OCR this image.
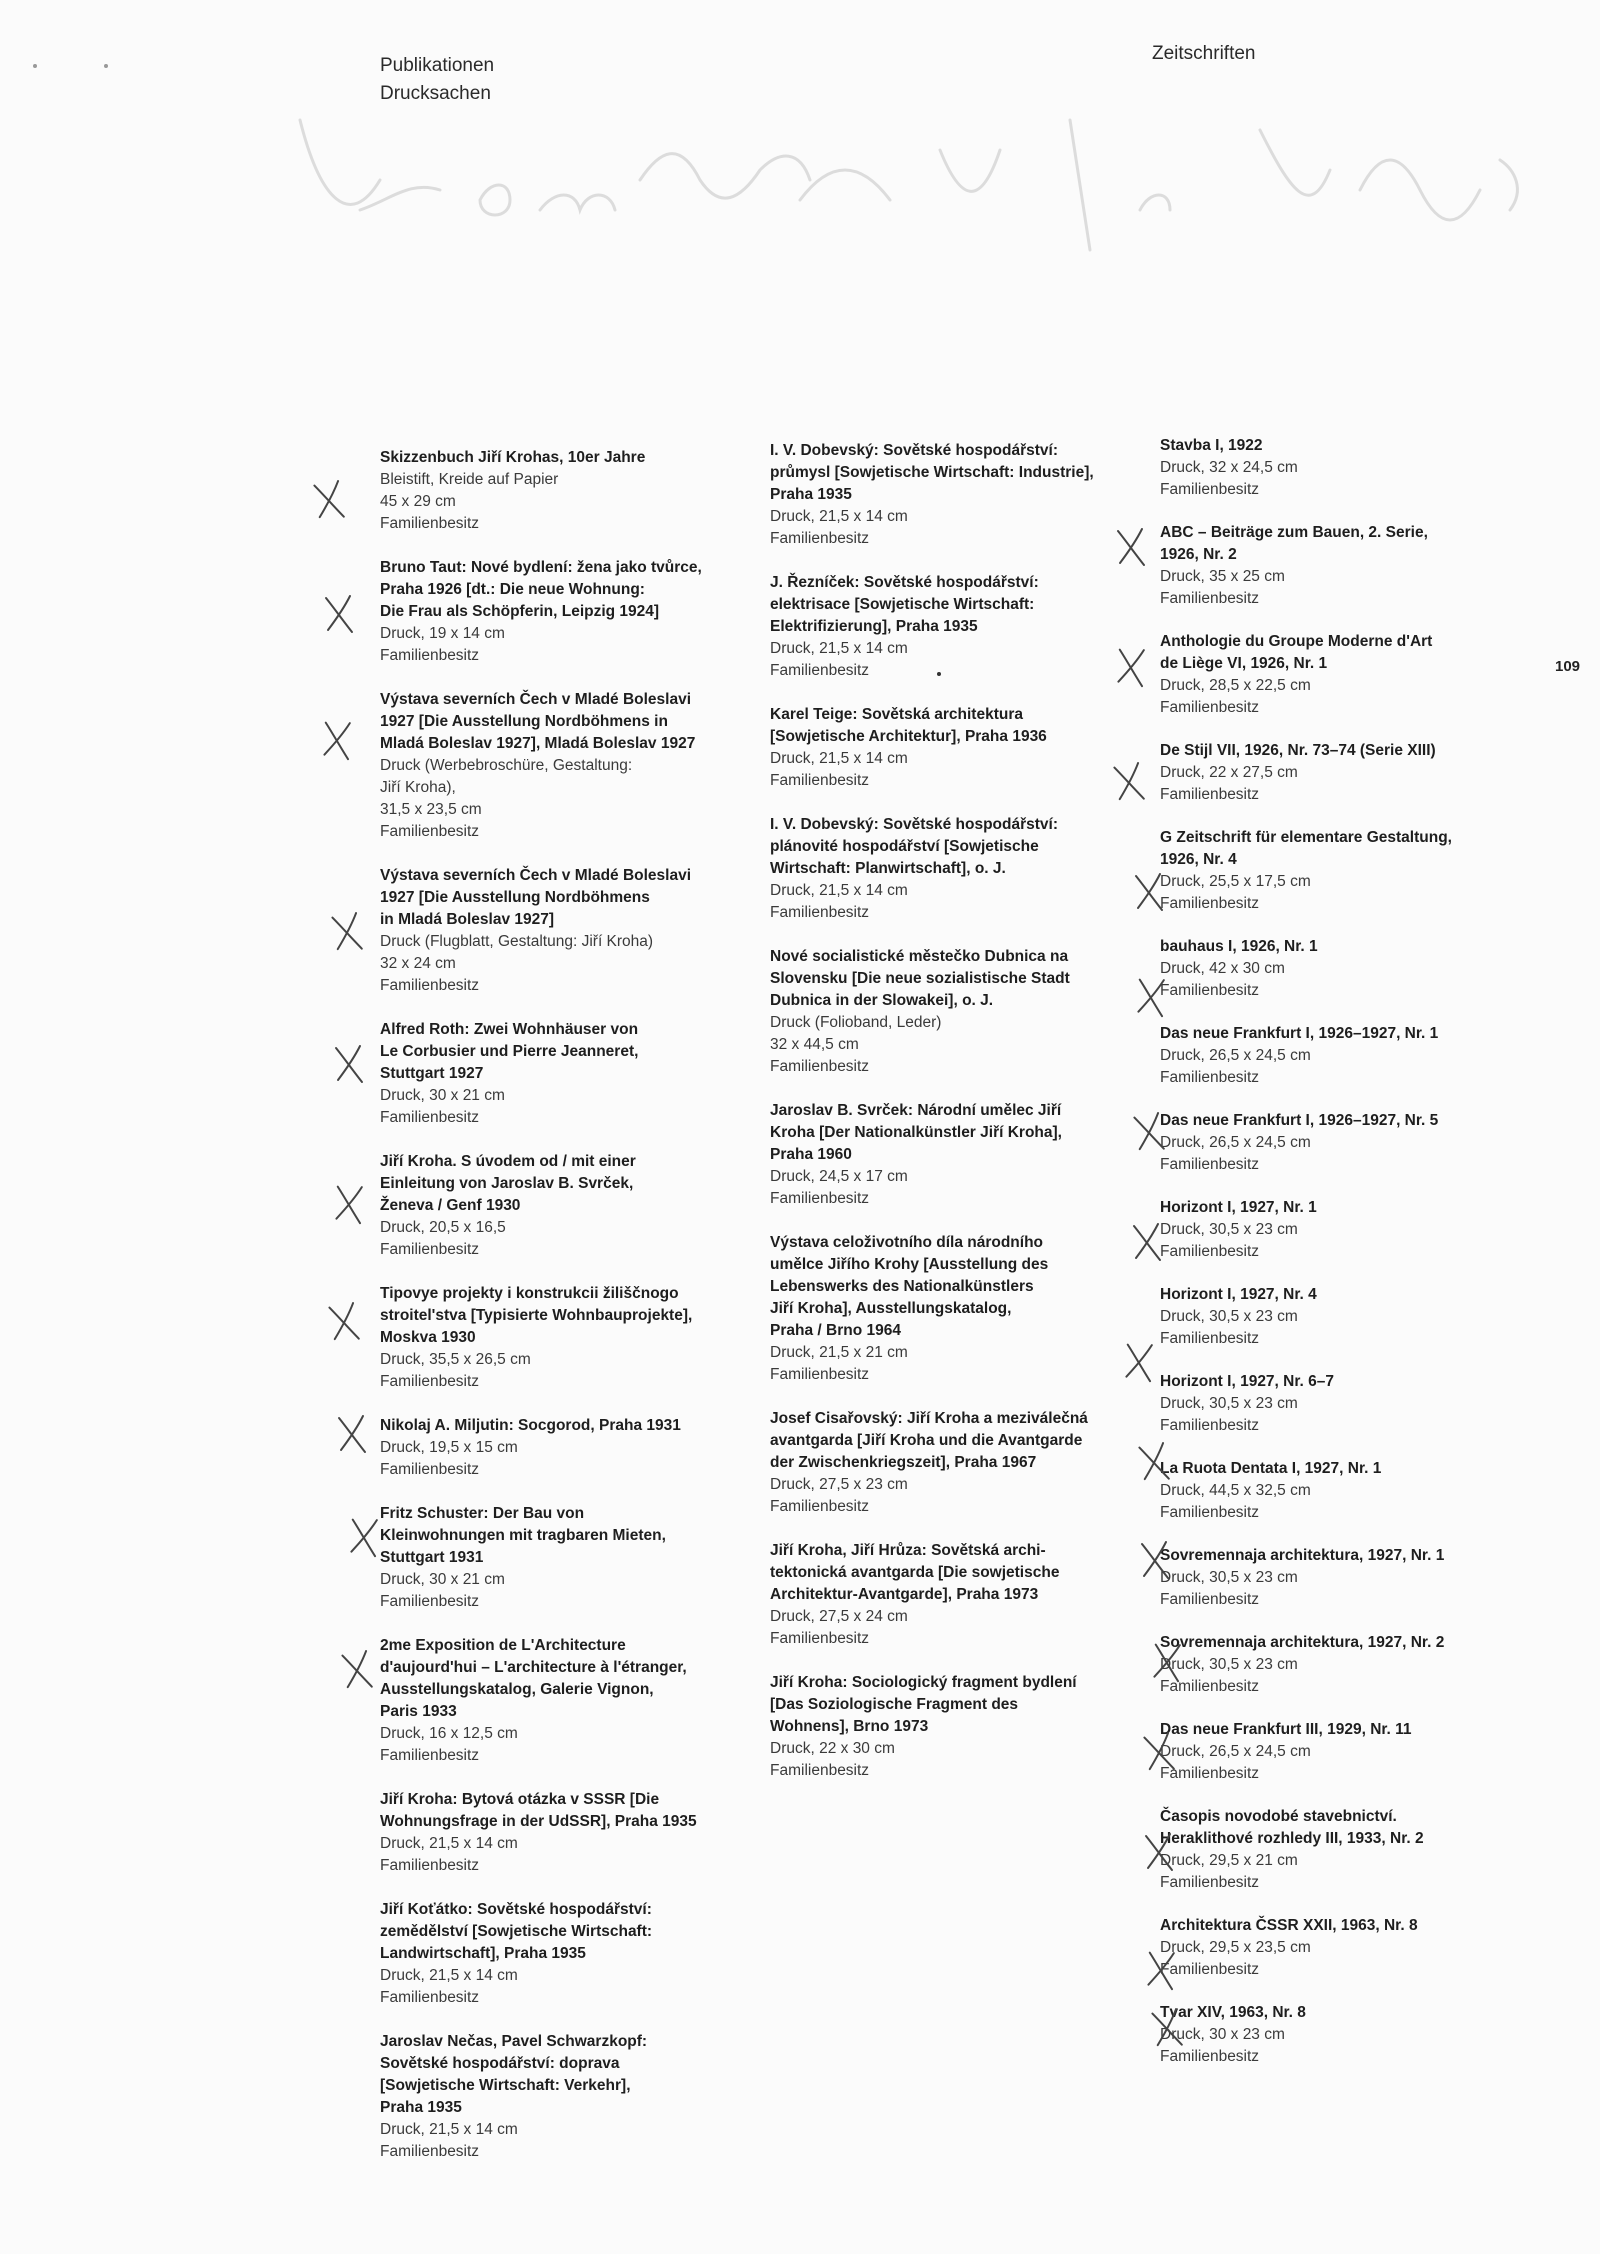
Publikationen
Drucksachen
Zeitschriften
109
Skizzenbuch Jiří Krohas, 10er Jahre
Bleistift, Kreide auf Papier
45 x 29 cm
Familienbesitz
Bruno Taut: Nové bydlení: žena jako tvůrce,
Praha 1926 [dt.: Die neue Wohnung:
Die Frau als Schöpferin, Leipzig 1924]
Druck, 19 x 14 cm
Familienbesitz
Výstava severních Čech v Mladé Boleslavi
1927 [Die Ausstellung Nordböhmens in
Mladá Boleslav 1927], Mladá Boleslav 1927
Druck (Werbebroschüre, Gestaltung:
Jiří Kroha),
31,5 x 23,5 cm
Familienbesitz
Výstava severních Čech v Mladé Boleslavi
1927 [Die Ausstellung Nordböhmens
in Mladá Boleslav 1927]
Druck (Flugblatt, Gestaltung: Jiří Kroha)
32 x 24 cm
Familienbesitz
Alfred Roth: Zwei Wohnhäuser von
Le Corbusier und Pierre Jeanneret,
Stuttgart 1927
Druck, 30 x 21 cm
Familienbesitz
Jiří Kroha. S úvodem od / mit einer
Einleitung von Jaroslav B. Svrček,
Ženeva / Genf 1930
Druck, 20,5 x 16,5
Familienbesitz
Tipovye projekty i konstrukcii žiliščnogo
stroitel'stva [Typisierte Wohnbauprojekte],
Moskva 1930
Druck, 35,5 x 26,5 cm
Familienbesitz
Nikolaj A. Miljutin: Socgorod, Praha 1931
Druck, 19,5 x 15 cm
Familienbesitz
Fritz Schuster: Der Bau von
Kleinwohnungen mit tragbaren Mieten,
Stuttgart 1931
Druck, 30 x 21 cm
Familienbesitz
2me Exposition de L'Architecture
d'aujourd'hui – L'architecture à l'étranger,
Ausstellungskatalog, Galerie Vignon,
Paris 1933
Druck, 16 x 12,5 cm
Familienbesitz
Jiří Kroha: Bytová otázka v SSSR [Die
Wohnungsfrage in der UdSSR], Praha 1935
Druck, 21,5 x 14 cm
Familienbesitz
Jiří Koťátko: Sovětské hospodářství:
zemědělství [Sowjetische Wirtschaft:
Landwirtschaft], Praha 1935
Druck, 21,5 x 14 cm
Familienbesitz
Jaroslav Nečas, Pavel Schwarzkopf:
Sovětské hospodářství: doprava
[Sowjetische Wirtschaft: Verkehr],
Praha 1935
Druck, 21,5 x 14 cm
Familienbesitz
I. V. Dobevský: Sovětské hospodářství:
průmysl [Sowjetische Wirtschaft: Industrie],
Praha 1935
Druck, 21,5 x 14 cm
Familienbesitz
J. Řezníček: Sovětské hospodářství:
elektrisace [Sowjetische Wirtschaft:
Elektrifizierung], Praha 1935
Druck, 21,5 x 14 cm
Familienbesitz
Karel Teige: Sovětská architektura
[Sowjetische Architektur], Praha 1936
Druck, 21,5 x 14 cm
Familienbesitz
I. V. Dobevský: Sovětské hospodářství:
plánovité hospodářství [Sowjetische
Wirtschaft: Planwirtschaft], o. J.
Druck, 21,5 x 14 cm
Familienbesitz
Nové socialistické městečko Dubnica na
Slovensku [Die neue sozialistische Stadt
Dubnica in der Slowakei], o. J.
Druck (Folioband, Leder)
32 x 44,5 cm
Familienbesitz
Jaroslav B. Svrček: Národní umělec Jiří
Kroha [Der Nationalkünstler Jiří Kroha],
Praha 1960
Druck, 24,5 x 17 cm
Familienbesitz
Výstava celoživotního díla národního
umělce Jiřího Krohy [Ausstellung des
Lebenswerks des Nationalkünstlers
Jiří Kroha], Ausstellungskatalog,
Praha / Brno 1964
Druck, 21,5 x 21 cm
Familienbesitz
Josef Cisařovský: Jiří Kroha a meziválečná
avantgarda [Jiří Kroha und die Avantgarde
der Zwischenkriegszeit], Praha 1967
Druck, 27,5 x 23 cm
Familienbesitz
Jiří Kroha, Jiří Hrůza: Sovětská archi-
tektonická avantgarda [Die sowjetische
Architektur-Avantgarde], Praha 1973
Druck, 27,5 x 24 cm
Familienbesitz
Jiří Kroha: Sociologický fragment bydlení
[Das Soziologische Fragment des
Wohnens], Brno 1973
Druck, 22 x 30 cm
Familienbesitz
Stavba I, 1922
Druck, 32 x 24,5 cm
Familienbesitz
ABC – Beiträge zum Bauen, 2. Serie,
1926, Nr. 2
Druck, 35 x 25 cm
Familienbesitz
Anthologie du Groupe Moderne d'Art
de Liège VI, 1926, Nr. 1
Druck, 28,5 x 22,5 cm
Familienbesitz
De Stijl VII, 1926, Nr. 73–74 (Serie XIII)
Druck, 22 x 27,5 cm
Familienbesitz
G Zeitschrift für elementare Gestaltung,
1926, Nr. 4
Druck, 25,5 x 17,5 cm
Familienbesitz
bauhaus I, 1926, Nr. 1
Druck, 42 x 30 cm
Familienbesitz
Das neue Frankfurt I, 1926–1927, Nr. 1
Druck, 26,5 x 24,5 cm
Familienbesitz
Das neue Frankfurt I, 1926–1927, Nr. 5
Druck, 26,5 x 24,5 cm
Familienbesitz
Horizont I, 1927, Nr. 1
Druck, 30,5 x 23 cm
Familienbesitz
Horizont I, 1927, Nr. 4
Druck, 30,5 x 23 cm
Familienbesitz
Horizont I, 1927, Nr. 6–7
Druck, 30,5 x 23 cm
Familienbesitz
La Ruota Dentata I, 1927, Nr. 1
Druck, 44,5 x 32,5 cm
Familienbesitz
Sovremennaja architektura, 1927, Nr. 1
Druck, 30,5 x 23 cm
Familienbesitz
Sovremennaja architektura, 1927, Nr. 2
Druck, 30,5 x 23 cm
Familienbesitz
Das neue Frankfurt III, 1929, Nr. 11
Druck, 26,5 x 24,5 cm
Familienbesitz
Časopis novodobé stavebnictví.
Heraklithové rozhledy III, 1933, Nr. 2
Druck, 29,5 x 21 cm
Familienbesitz
Architektura ČSSR XXII, 1963, Nr. 8
Druck, 29,5 x 23,5 cm
Familienbesitz
Tvar XIV, 1963, Nr. 8
Druck, 30 x 23 cm
Familienbesitz
